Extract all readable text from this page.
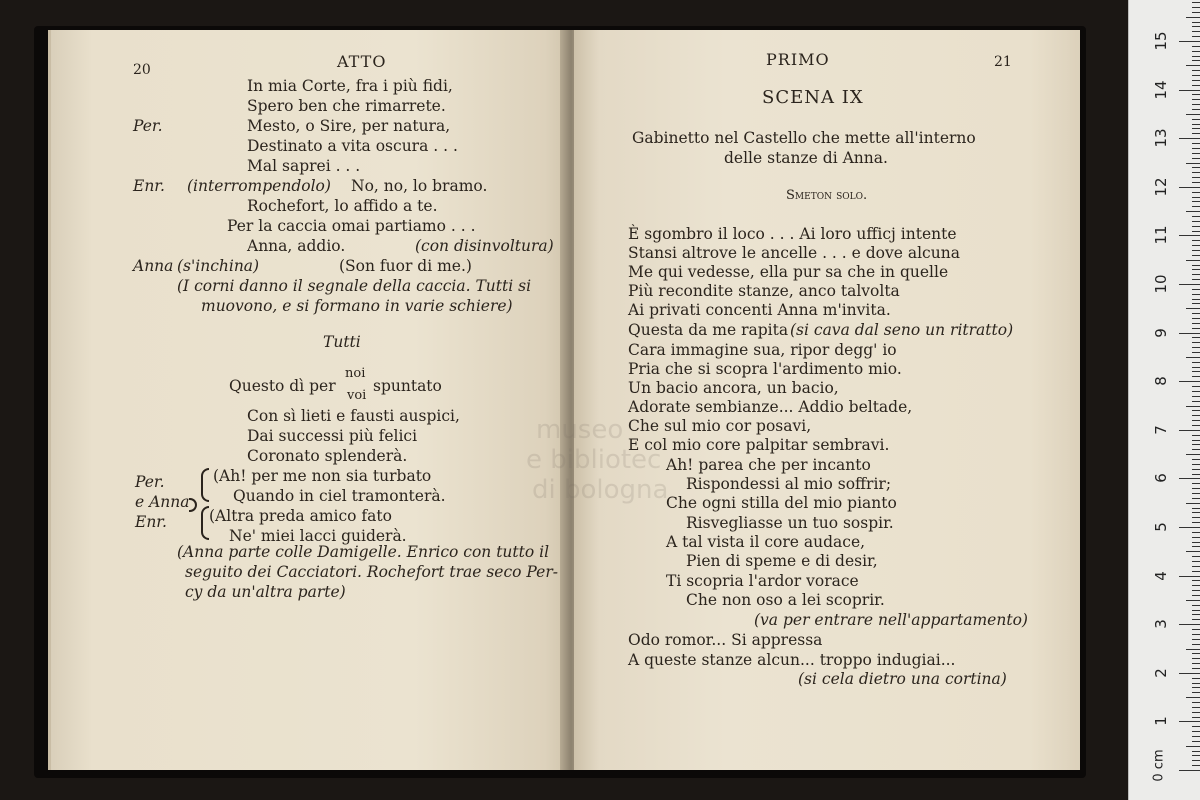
20	ATTO
In mia Corte, fra i più fidi,
Spero ben che rimarrete.
Per.	Mesto, o Sire, per natura,
Destinato a vita oscura . . .
Mal saprei . . .
Enr. (interrompendolo) No, no, lo bramo.
Rochefort, lo affido a te.
Per la caccia omai partiamo . . .
Anna, addio.	(con disinvoltura)
Anna (s'inchina)	(Son fuor di me.)
(I corni danno il segnale della caccia. Tutti si
muovono, e si formano in varie schiere)
Tutti
Questo dì per
noi
voi
spuntato
Con sì lieti e fausti auspici,
Dai successi più felici
Coronato splenderà.
Per.
e Anna
Enr.
(Ah! per me non sia turbato
Quando in ciel tramonterà.
(Altra preda amico fato
Ne' miei lacci guiderà.
(Anna parte colle Damigelle. Enrico con tutto il
seguito dei Cacciatori. Rochefort trae seco Per-
cy da un'altra parte)
PRIMO	21
SCENA IX
Gabinetto nel Castello che mette all'interno
delle stanze di Anna.
Smeton solo.
È sgombro il loco . . . Ai loro ufficj intente
Stansi altrove le ancelle . . . e dove alcuna
Me qui vedesse, ella pur sa che in quelle
Più recondite stanze, anco talvolta
Ai privati concenti Anna m'invita.
Questa da me rapita (si cava dal seno un ritratto)
Cara immagine sua, ripor degg' io
Pria che si scopra l'ardimento mio.
Un bacio ancora, un bacio,
Adorate sembianze... Addio beltade,
Che sul mio cor posavi,
E col mio core palpitar sembravi.
Ah! parea che per incanto
Rispondessi al mio soffrir;
Che ogni stilla del mio pianto
Risvegliasse un tuo sospir.
A tal vista il core audace,
Pien di speme e di desir,
Ti scopria l'ardor vorace
Che non oso a lei scoprir.
(va per entrare nell'appartamento)
Odo romor... Si appressa
A queste stanze alcun... troppo indugiai...
(si cela dietro una cortina)
museo
e bibliotec
di bologna
0 cm
1
2
3
4
5
6
7
8
9
10
11
12
13
14
15
